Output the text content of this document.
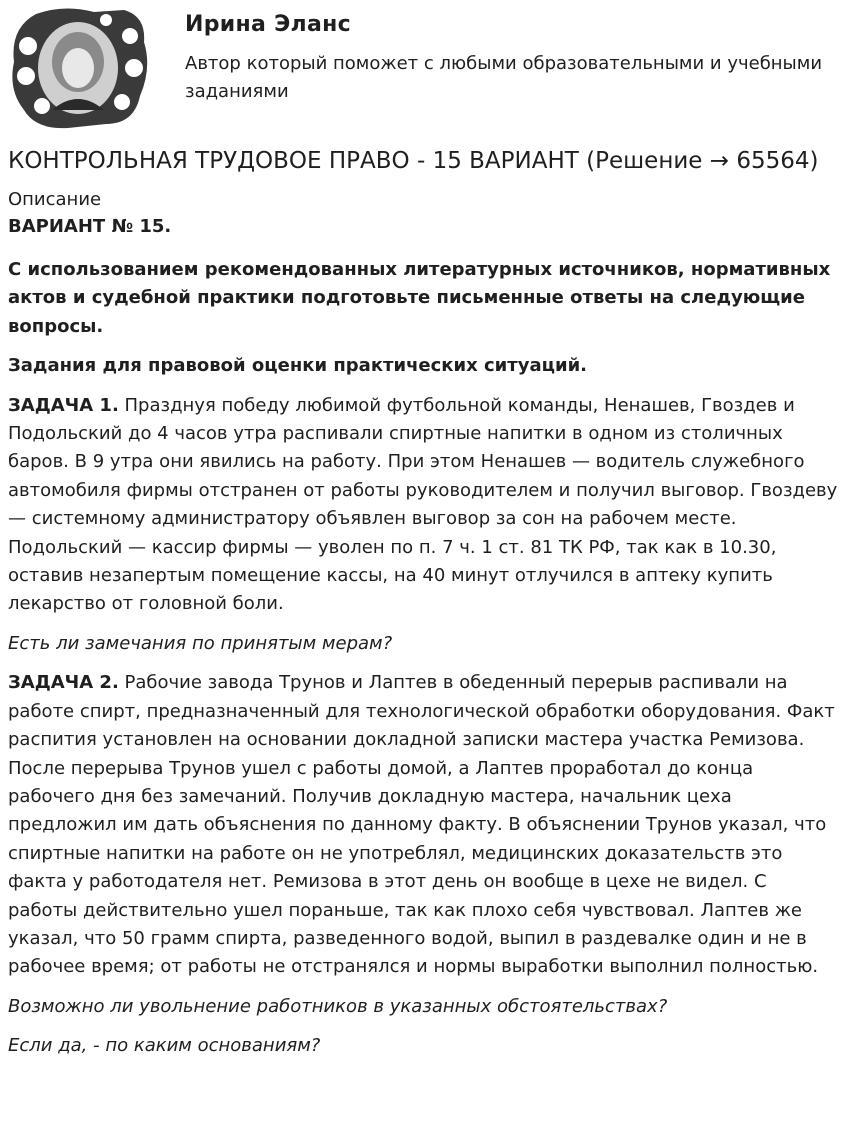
Ирина Эланс
Автор который поможет с любыми образовательными и учебными заданиями
КОНТРОЛЬНАЯ ТРУДОВОЕ ПРАВО - 15 ВАРИАНТ (Решение → 65564)
Описание
ВАРИАНТ № 15.

С использованием рекомендованных литературных источников, нормативных актов и судебной практики подготовьте письменные ответы на следующие вопросы.

Задания для правовой оценки практических ситуаций.

ЗАДАЧА 1. Празднуя победу любимой футбольной команды, Ненашев, Гвоздев и Подольский до 4 часов утра распивали спиртные напитки в одном из столичных баров. В 9 утра они явились на работу. При этом Ненашев — водитель служебного автомобиля фирмы отстранен от работы руководителем и получил выговор. Гвоздеву — системному администратору объявлен выговор за сон на рабочем месте. Подольский — кассир фирмы — уволен по п. 7 ч. 1 ст. 81 ТК РФ, так как в 10.30, оставив незапертым помещение кассы, на 40 минут отлучился в аптеку купить лекарство от головной боли.

Есть ли замечания по принятым мерам?

ЗАДАЧА 2. Рабочие завода Трунов и Лаптев в обеденный перерыв распивали на работе спирт, предназначенный для технологической обработки оборудования. Факт распития установлен на основании докладной записки мастера участка Ремизова. После перерыва Трунов ушел с работы домой, а Лаптев проработал до конца рабочего дня без замечаний. Получив докладную мастера, начальник цеха предложил им дать объяснения по данному факту. В объяснении Трунов указал, что спиртные напитки на работе он не употреблял, медицинских доказательств это факта у работодателя нет. Ремизова в этот день он вообще в цехе не видел. С работы действительно ушел пораньше, так как плохо себя чувствовал. Лаптев же указал, что 50 грамм спирта, разведенного водой, выпил в раздевалке один и не в рабочее время; от работы не отстранялся и нормы выработки выполнил полностью.

Возможно ли увольнение работников в указанных обстоятельствах?

Если да, - по каким основаниям?
